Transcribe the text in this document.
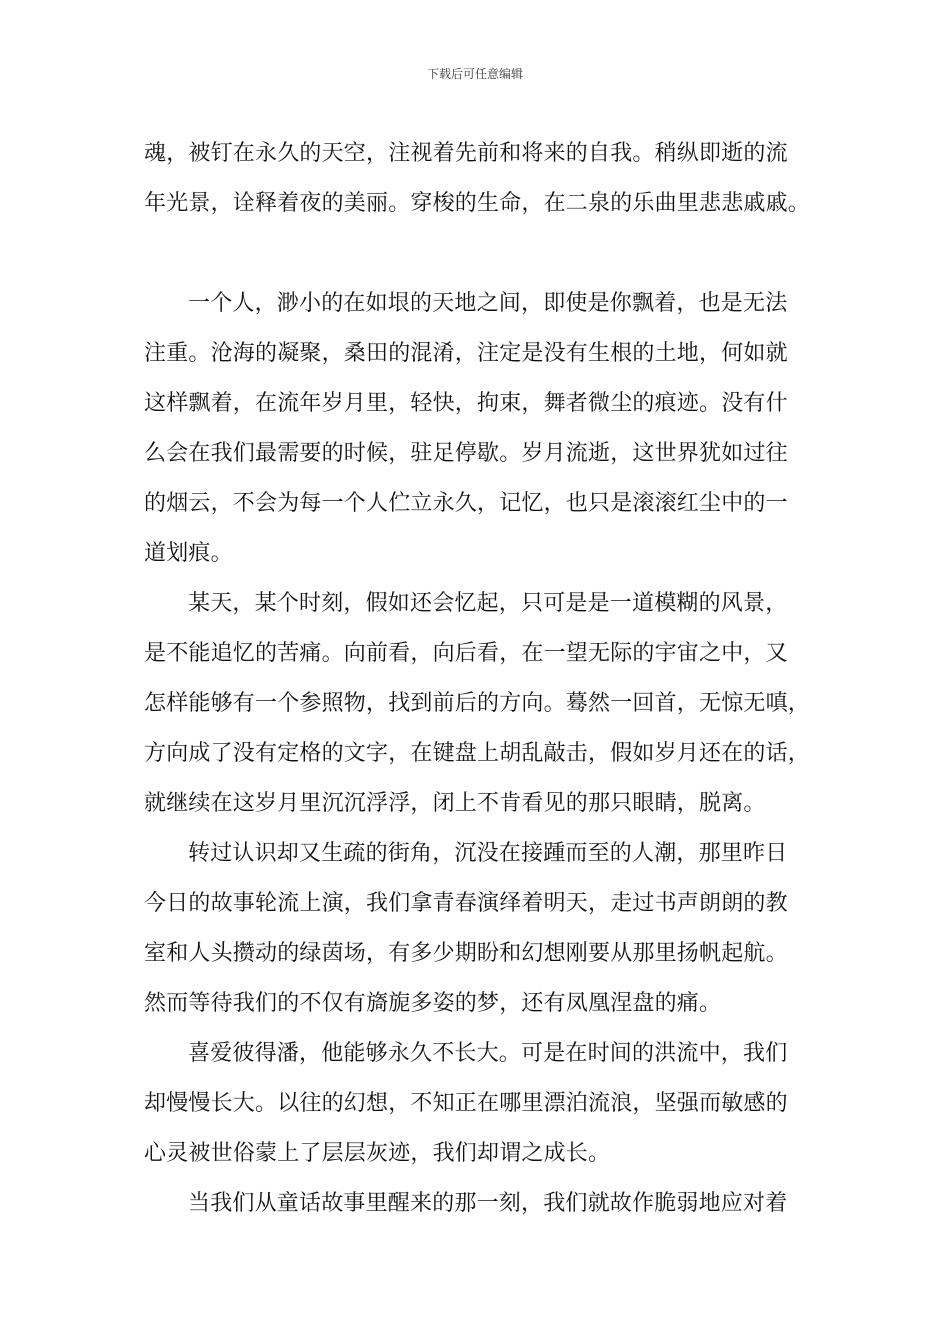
下载后可任意编辑
魂，被钉在永久的天空，注视着先前和将来的自我。稍纵即逝的流
年光景，诠释着夜的美丽。穿梭的生命，在二泉的乐曲里悲悲戚戚。
一个人，渺小的在如垠的天地之间，即使是你飘着，也是无法
注重。沧海的凝聚，桑田的混淆，注定是没有生根的土地，何如就
这样飘着，在流年岁月里，轻快，拘束，舞者微尘的痕迹。没有什
么会在我们最需要的时候，驻足停歇。岁月流逝，这世界犹如过往
的烟云，不会为每一个人伫立永久，记忆，也只是滚滚红尘中的一
道划痕。
某天，某个时刻，假如还会忆起，只可是是一道模糊的风景，
是不能追忆的苦痛。向前看，向后看，在一望无际的宇宙之中，又
怎样能够有一个参照物，找到前后的方向。蓦然一回首，无惊无嗔，
方向成了没有定格的文字，在键盘上胡乱敲击，假如岁月还在的话，
就继续在这岁月里沉沉浮浮，闭上不肯看见的那只眼睛，脱离。
转过认识却又生疏的街角，沉没在接踵而至的人潮，那里昨日
今日的故事轮流上演，我们拿青春演绎着明天，走过书声朗朗的教
室和人头攒动的绿茵场，有多少期盼和幻想刚要从那里扬帆起航。
然而等待我们的不仅有旖旎多姿的梦，还有凤凰涅盘的痛。
喜爱彼得潘，他能够永久不长大。可是在时间的洪流中，我们
却慢慢长大。以往的幻想，不知正在哪里漂泊流浪，坚强而敏感的
心灵被世俗蒙上了层层灰迹，我们却谓之成长。
当我们从童话故事里醒来的那一刻，我们就故作脆弱地应对着
